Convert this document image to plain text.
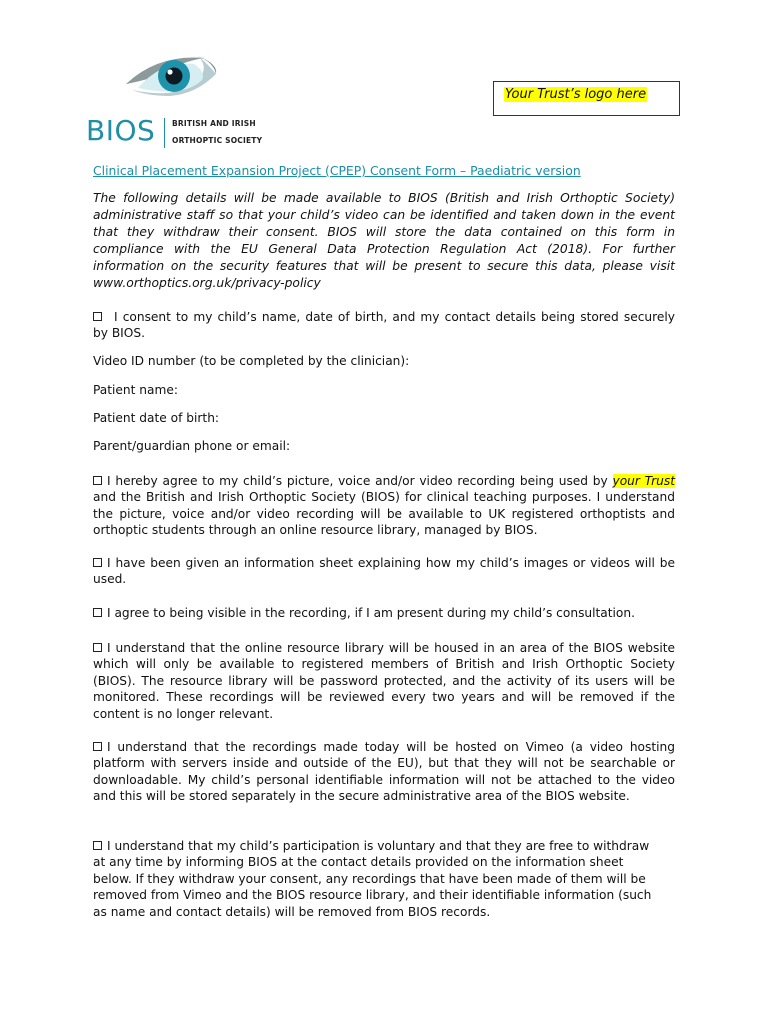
BIOS BRITISH AND IRISH
ORTHOPTIC SOCIETY
Your Trust’s logo here
Clinical Placement Expansion Project (CPEP) Consent Form – Paediatric version
The following details will be made available to BIOS (British and Irish Orthoptic Society) administrative staff so that your child’s video can be identified and taken down in the event that they withdraw their consent. BIOS will store the data contained on this form in compliance with the EU General Data Protection Regulation Act (2018). For further information on the security features that will be present to secure this data, please visit www.orthoptics.org.uk/privacy-policy
I consent to my child’s name, date of birth, and my contact details being stored securely by BIOS.
Video ID number (to be completed by the clinician):
Patient name:
Patient date of birth:
Parent/guardian phone or email:
I hereby agree to my child’s picture, voice and/or video recording being used by your Trust and the British and Irish Orthoptic Society (BIOS) for clinical teaching purposes. I understand the picture, voice and/or video recording will be available to UK registered orthoptists and orthoptic students through an online resource library, managed by BIOS.
I have been given an information sheet explaining how my child’s images or videos will be used.
I agree to being visible in the recording, if I am present during my child’s consultation.
I understand that the online resource library will be housed in an area of the BIOS website which will only be available to registered members of British and Irish Orthoptic Society (BIOS). The resource library will be password protected, and the activity of its users will be monitored. These recordings will be reviewed every two years and will be removed if the content is no longer relevant.
I understand that the recordings made today will be hosted on Vimeo (a video hosting platform with servers inside and outside of the EU), but that they will not be searchable or downloadable. My child’s personal identifiable information will not be attached to the video and this will be stored separately in the secure administrative area of the BIOS website.
I understand that my child’s participation is voluntary and that they are free to withdraw at any time by informing BIOS at the contact details provided on the information sheet below. If they withdraw your consent, any recordings that have been made of them will be removed from Vimeo and the BIOS resource library, and their identifiable information (such as name and contact details) will be removed from BIOS records.
